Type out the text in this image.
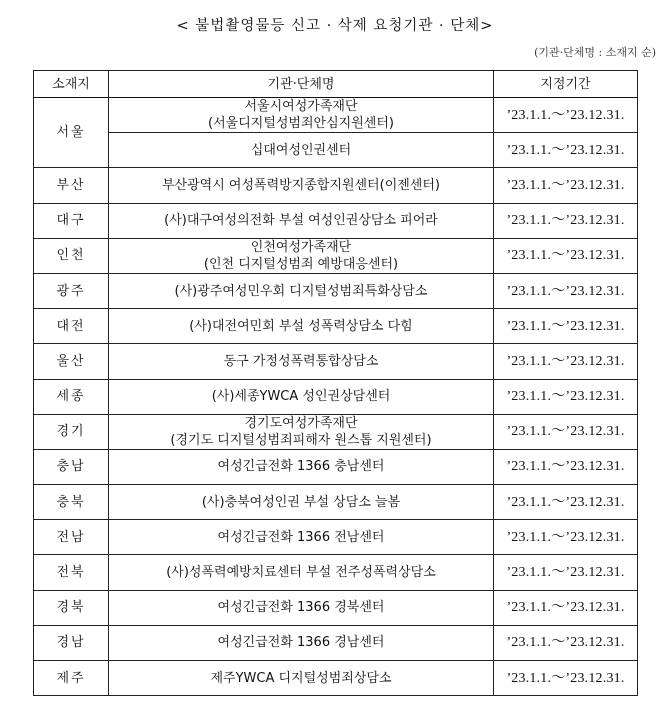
< 불법촬영물등 신고 · 삭제 요청기관 · 단체>
(기관·단체명 : 소재지 순)
소재지	기관·단체명	지정기간
서울	서울시여성가족재단
(서울디지털성범죄안심지원센터)	’23.1.1.～’23.12.31.
	십대여성인권센터	’23.1.1.～’23.12.31.
부산	부산광역시 여성폭력방지종합지원센터(이젠센터)	’23.1.1.～’23.12.31.
대구	(사)대구여성의전화 부설 여성인권상담소 피어라	’23.1.1.～’23.12.31.
인천	인천여성가족재단
(인천 디지털성범죄 예방대응센터)	’23.1.1.～’23.12.31.
광주	(사)광주여성민우회 디지털성범죄특화상담소	’23.1.1.～’23.12.31.
대전	(사)대전여민회 부설 성폭력상담소 다힘	’23.1.1.～’23.12.31.
울산	동구 가정성폭력통합상담소	’23.1.1.～’23.12.31.
세종	(사)세종YWCA 성인권상담센터	’23.1.1.～’23.12.31.
경기	경기도여성가족재단
(경기도 디지털성범죄피해자 원스톱 지원센터)	’23.1.1.～’23.12.31.
충남	여성긴급전화 1366 충남센터	’23.1.1.～’23.12.31.
충북	(사)충북여성인권 부설 상담소 늘봄	’23.1.1.～’23.12.31.
전남	여성긴급전화 1366 전남센터	’23.1.1.～’23.12.31.
전북	(사)성폭력예방치료센터 부설 전주성폭력상담소	’23.1.1.～’23.12.31.
경북	여성긴급전화 1366 경북센터	’23.1.1.～’23.12.31.
경남	여성긴급전화 1366 경남센터	’23.1.1.～’23.12.31.
제주	제주YWCA 디지털성범죄상담소	’23.1.1.～’23.12.31.
